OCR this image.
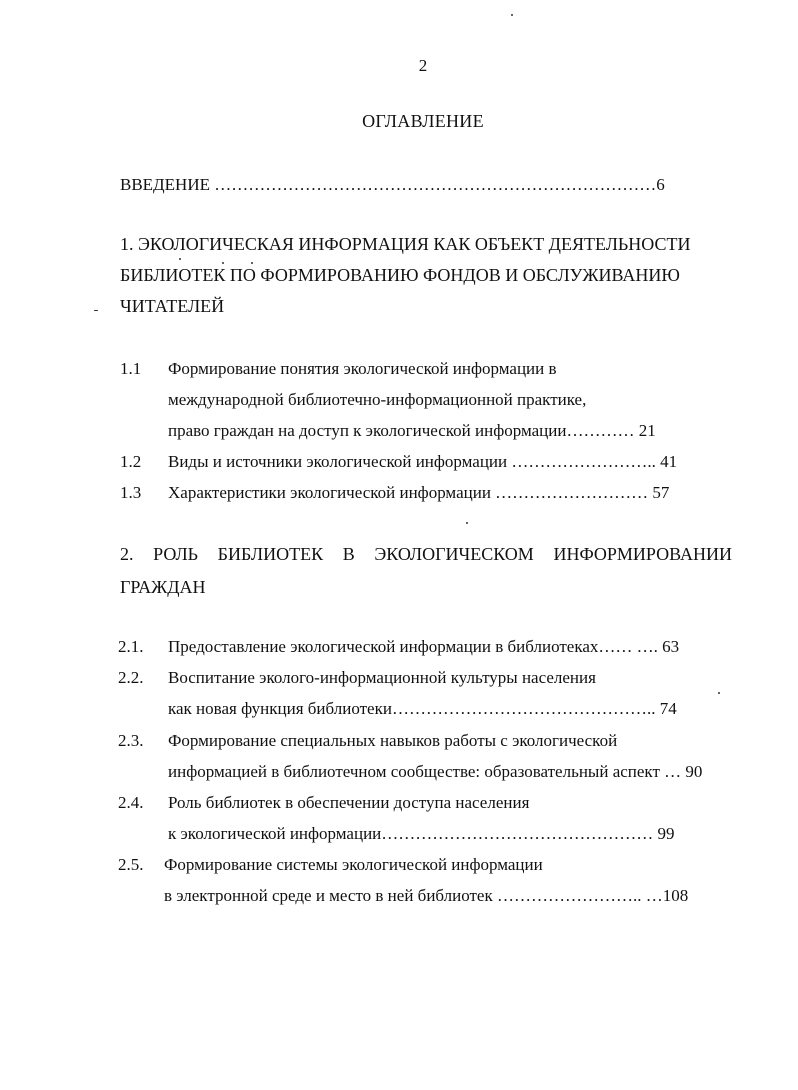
2
ОГЛАВЛЕНИЕ
ВВЕДЕНИЕ ……………………………………………………………………6
1. ЭКОЛОГИЧЕСКАЯ ИНФОРМАЦИЯ КАК ОБЪЕКТ ДЕЯТЕЛЬНОСТИ
БИБЛИОТЕК ПО ФОРМИРОВАНИЮ ФОНДОВ И ОБСЛУЖИВАНИЮ
ЧИТАТЕЛЕЙ
1.1 Формирование понятия экологической информации в
международной библиотечно-информационной практике,
право граждан на доступ к экологической информации………… 21
1.2 Виды и источники экологической информации …………………….. 41
1.3 Характеристики экологической информации ……………………… 57
2. РОЛЬ БИБЛИОТЕК В ЭКОЛОГИЧЕСКОМ ИНФОРМИРОВАНИИ
ГРАЖДАН
2.1. Предоставление экологической информации в библиотеках…… …. 63
2.2. Воспитание эколого-информационной культуры населения
как новая функция библиотеки……………………………………….. 74
2.3. Формирование специальных навыков работы с экологической
информацией в библиотечном сообществе: образовательный аспект … 90
2.4. Роль библиотек в обеспечении доступа населения
к экологической информации………………………………………… 99
2.5. Формирование системы экологической информации
в электронной среде и место в ней библиотек …………………….. …108
